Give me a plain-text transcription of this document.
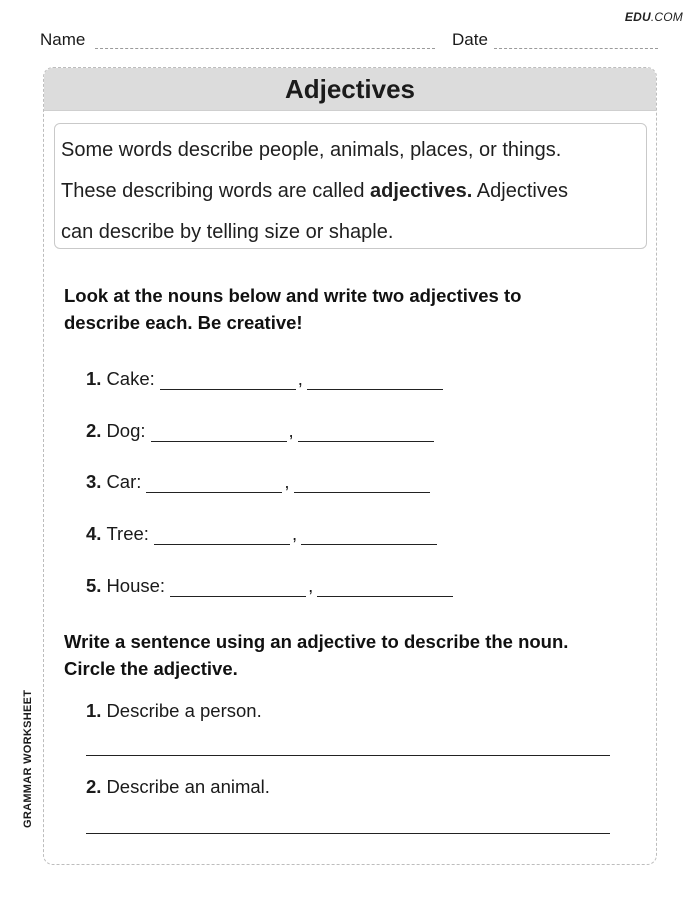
EDU.COM
Name	Date
Adjectives

Some words describe people, animals, places, or things.

These describing words are called adjectives. Adjectives

can describe by telling size or shaple.

Look at the nouns below and write two adjectives to
describe each. Be creative!
1. Cake:	,
2. Dog:	,
3. Car:	,
4. Tree:	,
5. House:	,
Write a sentence using an adjective to describe the noun.
Circle the adjective.
1. Describe a person.
2. Describe an animal.
GRAMMAR WORKSHEET
